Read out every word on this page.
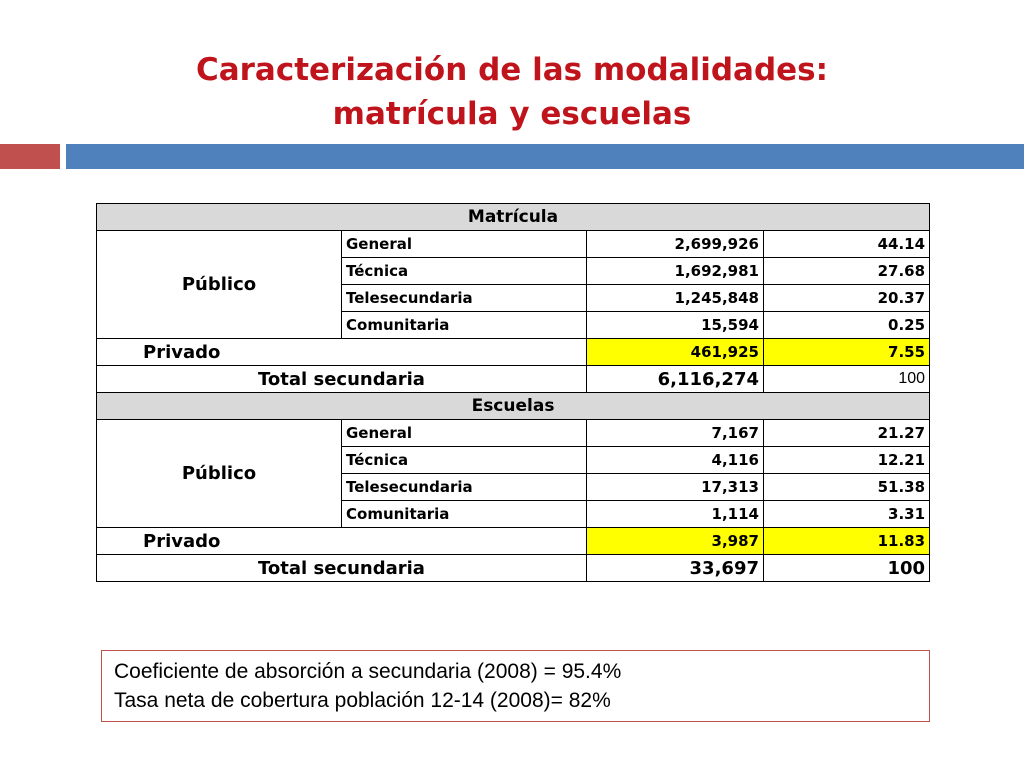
Caracterización de las modalidades:
matrícula y escuelas
Matrícula			
Público	General	2,699,926	44.14
	Técnica	1,692,981	27.68
	Telesecundaria	1,245,848	20.37
	Comunitaria	15,594	0.25
Privado		461,925	7.55
Total secundaria		6,116,274	100
Escuelas			
Público	General	7,167	21.27
	Técnica	4,116	12.21
	Telesecundaria	17,313	51.38
	Comunitaria	1,114	3.31
Privado		3,987	11.83
Total secundaria		33,697	100
Coeficiente de absorción a secundaria (2008) = 95.4%
Tasa neta de cobertura población 12-14 (2008)= 82%
